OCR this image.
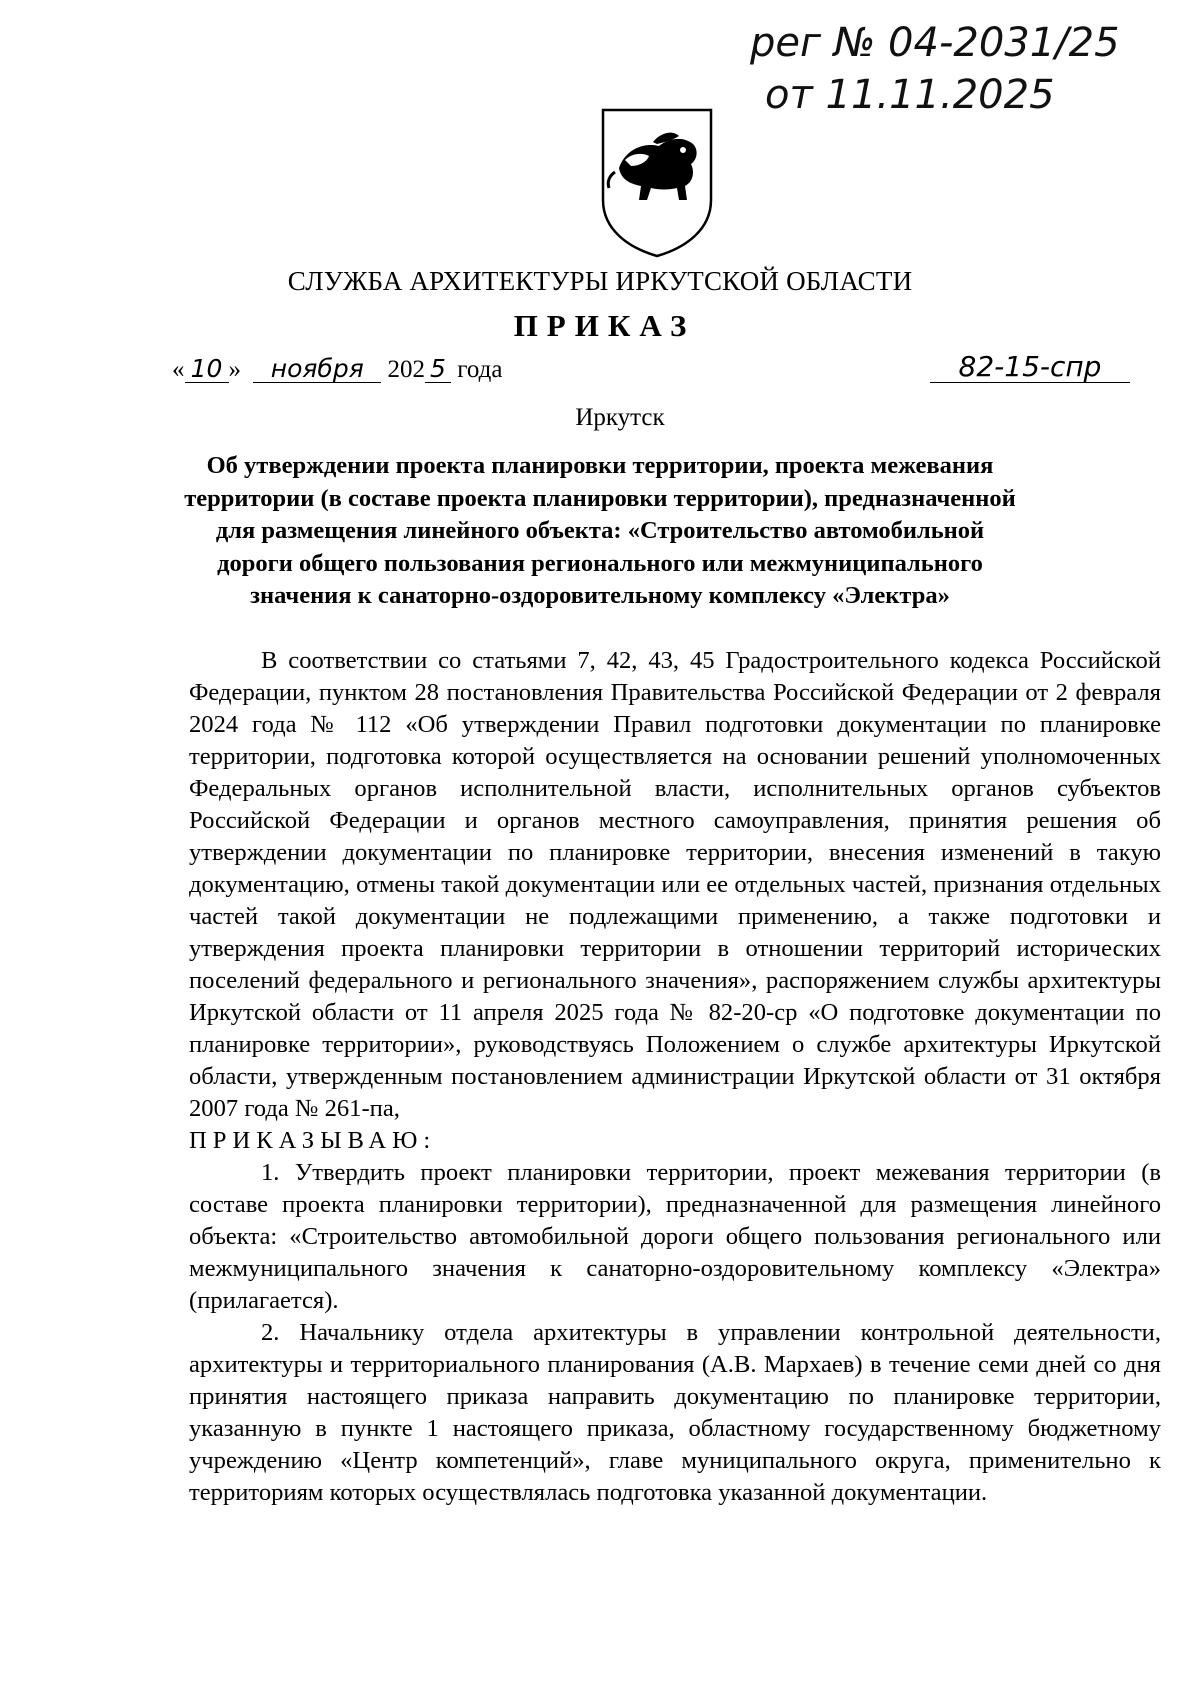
рег № 04-2031/25
от 11.11.2025
СЛУЖБА АРХИТЕКТУРЫ ИРКУТСКОЙ ОБЛАСТИ
ПРИКАЗ
« 10 » ноября 202 5 года	82-15-спр
Иркутск
Об утверждении проекта планировки территории, проекта межевания территории (в составе проекта планировки территории), предназначенной для размещения линейного объекта: «Строительство автомобильной дороги общего пользования регионального или межмуниципального значения к санаторно-оздоровительному комплексу «Электра»

В соответствии со статьями 7, 42, 43, 45 Градостроительного кодекса Российской Федерации, пунктом 28 постановления Правительства Российской Федерации от 2 февраля 2024 года № 112 «Об утверждении Правил подготовки документации по планировке территории, подготовка которой осуществляется на основании решений уполномоченных Федеральных органов исполнительной власти, исполнительных органов субъектов Российской Федерации и органов местного самоуправления, принятия решения об утверждении документации по планировке территории, внесения изменений в такую документацию, отмены такой документации или ее отдельных частей, признания отдельных частей такой документации не подлежащими применению, а также подготовки и утверждения проекта планировки территории в отношении территорий исторических поселений федерального и регионального значения», распоряжением службы архитектуры Иркутской области от 11 апреля 2025 года № 82-20-ср «О подготовке документации по планировке территории», руководствуясь Положением о службе архитектуры Иркутской области, утвержденным постановлением администрации Иркутской области от 31 октября 2007 года № 261-па,

ПРИКАЗЫВАЮ:

1. Утвердить проект планировки территории, проект межевания территории (в составе проекта планировки территории), предназначенной для размещения линейного объекта: «Строительство автомобильной дороги общего пользования регионального или межмуниципального значения к санаторно-оздоровительному комплексу «Электра» (прилагается).

2. Начальнику отдела архитектуры в управлении контрольной деятельности, архитектуры и территориального планирования (А.В. Мархаев) в течение семи дней со дня принятия настоящего приказа направить документацию по планировке территории, указанную в пункте 1 настоящего приказа, областному государственному бюджетному учреждению «Центр компетенций», главе муниципального округа, применительно к территориям которых осуществлялась подготовка указанной документации.
